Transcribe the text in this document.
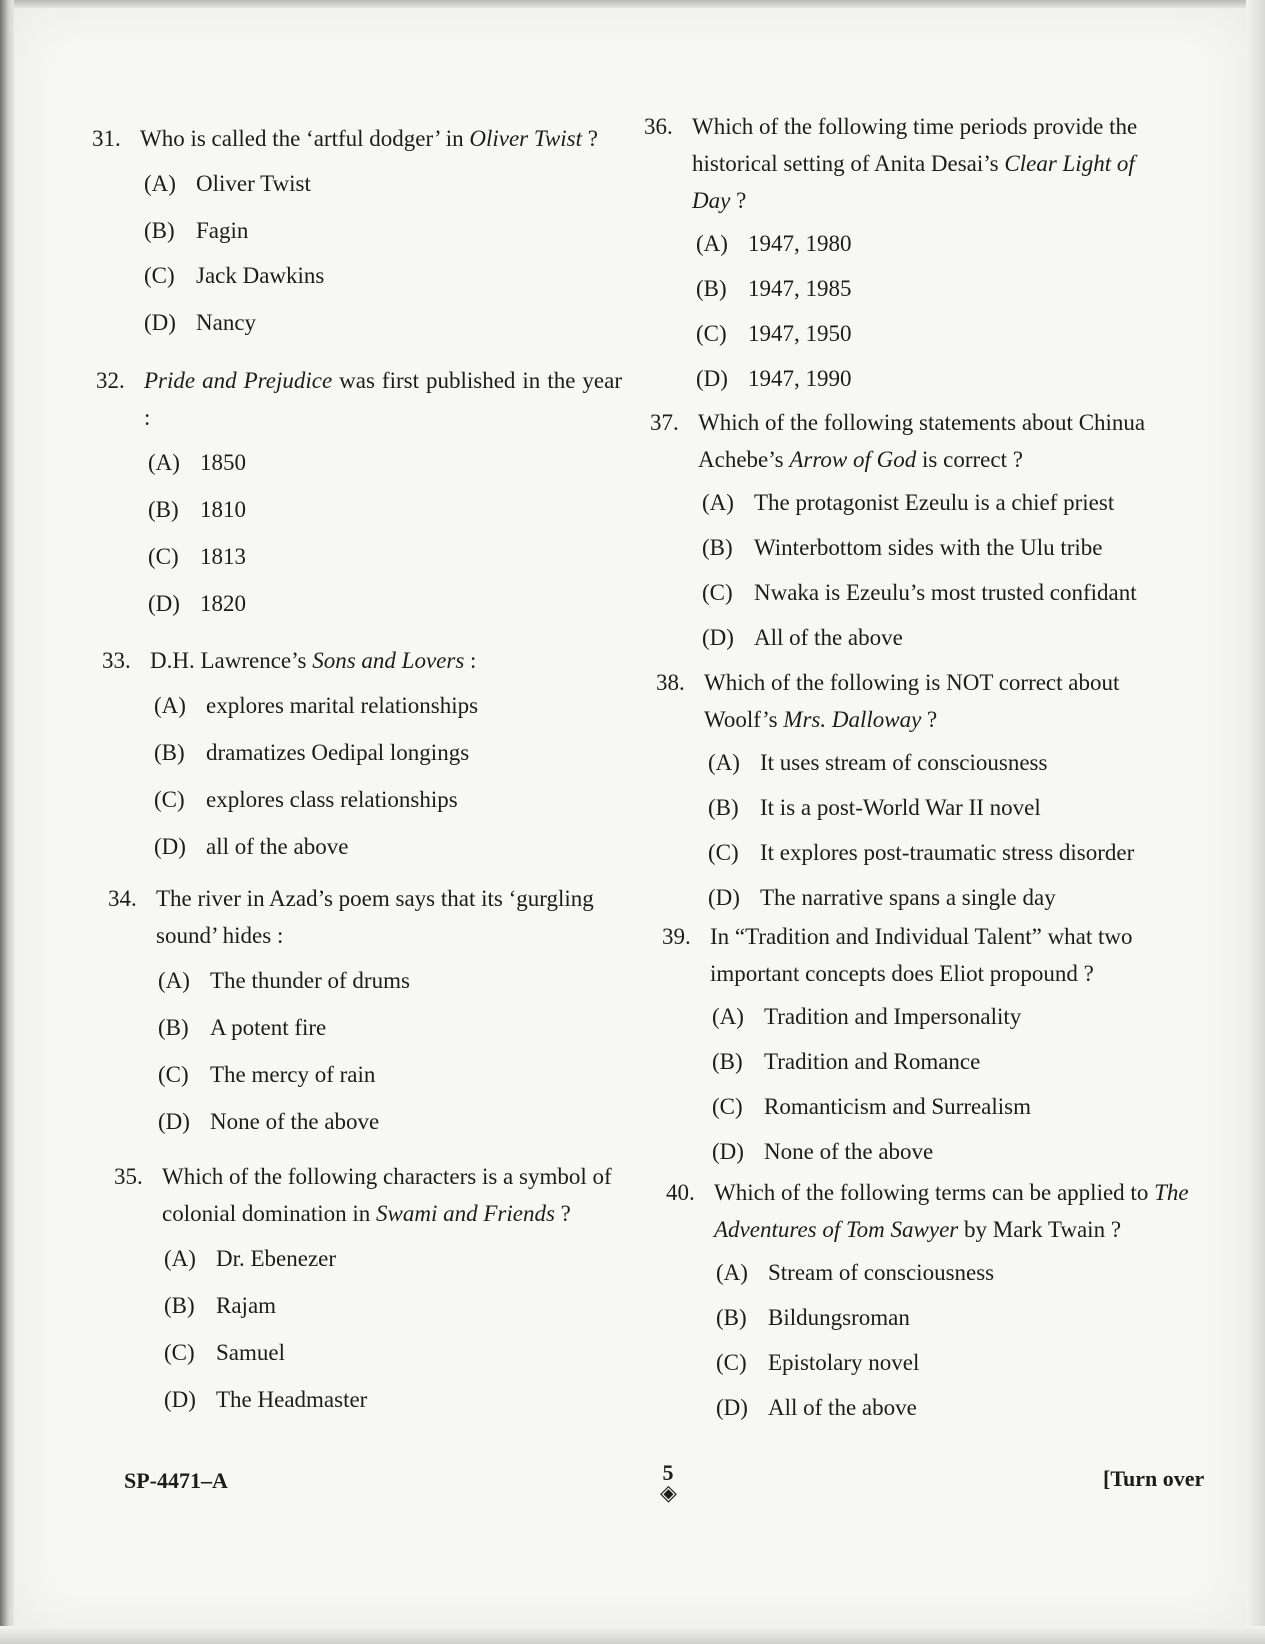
31. Who is called the ‘artful dodger’ in Oliver Twist ?
(A) Oliver Twist
(B) Fagin
(C) Jack Dawkins
(D) Nancy
32. Pride and Prejudice was first published in the year :
(A) 1850
(B) 1810
(C) 1813
(D) 1820
33. D.H. Lawrence’s Sons and Lovers :
(A) explores marital relationships
(B) dramatizes Oedipal longings
(C) explores class relationships
(D) all of the above
34. The river in Azad’s poem says that its ‘gurgling sound’ hides :
(A) The thunder of drums
(B) A potent fire
(C) The mercy of rain
(D) None of the above
35. Which of the following characters is a symbol of colonial domination in Swami and Friends ?
(A) Dr. Ebenezer
(B) Rajam
(C) Samuel
(D) The Headmaster
36. Which of the following time periods provide the historical setting of Anita Desai’s Clear Light of Day ?
(A) 1947, 1980
(B) 1947, 1985
(C) 1947, 1950
(D) 1947, 1990
37. Which of the following statements about Chinua Achebe’s Arrow of God is correct ?
(A) The protagonist Ezeulu is a chief priest
(B) Winterbottom sides with the Ulu tribe
(C) Nwaka is Ezeulu’s most trusted confidant
(D) All of the above
38. Which of the following is NOT correct about Woolf’s Mrs. Dalloway ?
(A) It uses stream of consciousness
(B) It is a post-World War II novel
(C) It explores post-traumatic stress disorder
(D) The narrative spans a single day
39. In “Tradition and Individual Talent” what two important concepts does Eliot propound ?
(A) Tradition and Impersonality
(B) Tradition and Romance
(C) Romanticism and Surrealism
(D) None of the above
40. Which of the following terms can be applied to The Adventures of Tom Sawyer by Mark Twain ?
(A) Stream of consciousness
(B) Bildungsroman
(C) Epistolary novel
(D) All of the above
SP-4471–A	5
◈
[Turn over
